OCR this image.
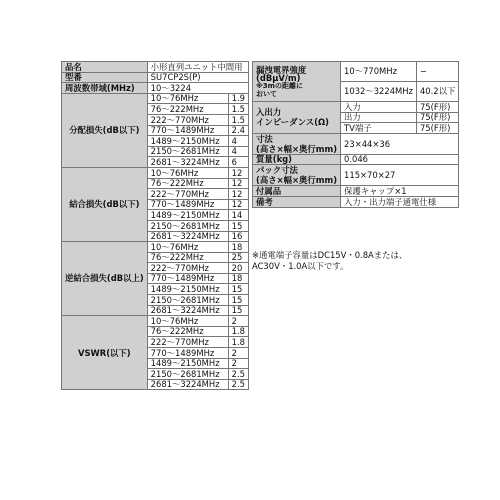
品名	小形直列ユニット中間用	
型番	SU7CP2S(P)	
周波数帯域(MHz)	10〜3224	
分配損失(dB以下)	10〜76MHz	1.9
	76〜222MHz	1.5
	222〜770MHz	1.5
	770〜1489MHz	2.4
	1489〜2150MHz	4
	2150〜2681MHz	4
	2681〜3224MHz	6
結合損失(dB以下)	10〜76MHz	12
	76〜222MHz	12
	222〜770MHz	12
	770〜1489MHz	12
	1489〜2150MHz	14
	2150〜2681MHz	15
	2681〜3224MHz	16
逆結合損失(dB以上)	10〜76MHz	18
	76〜222MHz	25
	222〜770MHz	20
	770〜1489MHz	18
	1489〜2150MHz	15
	2150〜2681MHz	15
	2681〜3224MHz	15
VSWR(以下)	10〜76MHz	2
	76〜222MHz	1.8
	222〜770MHz	1.8
	770〜1489MHz	2
	1489〜2150MHz	2
	2150〜2681MHz	2.5
	2681〜3224MHz	2.5
漏洩電界強度
(dBμV/m)
※3mの距離に
おいて	10〜770MHz	−
	1032〜3224MHz	40.2以下

入出力
インピーダンス(Ω)	入力	75(F形)
	出力	75(F形)
	TV端子	75(F形)

寸法
(高さ×幅×奥行mm)	23×44×36	
質量(kg)	0.046	

パック寸法
(高さ×幅×奥行mm)	115×70×27	
付属品	保護キャップ×1	
備考	入力・出力端子通電仕様	
※通電端子容量はDC15V・0.8Aまたは、
AC30V・1.0A以下です。
